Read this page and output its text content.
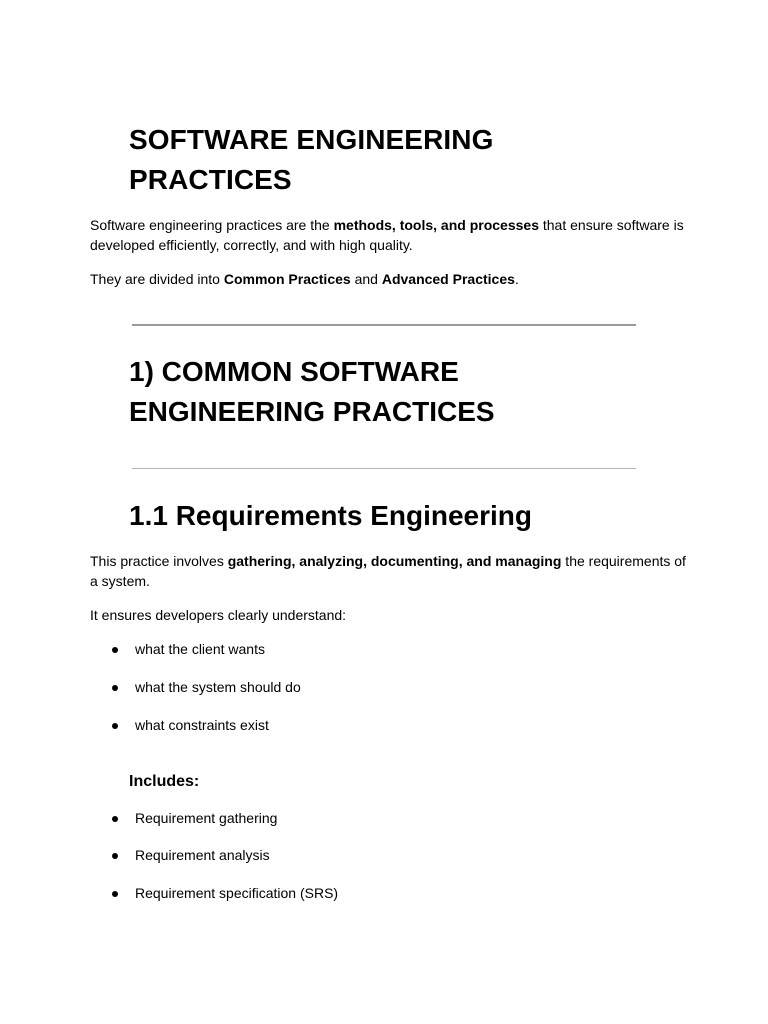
SOFTWARE ENGINEERING
PRACTICES

Software engineering practices are the methods, tools, and processes that ensure software is developed efficiently, correctly, and with high quality.

They are divided into Common Practices and Advanced Practices.

1) COMMON SOFTWARE
ENGINEERING PRACTICES
1.1 Requirements Engineering

This practice involves gathering, analyzing, documenting, and managing the requirements of a system.

It ensures developers clearly understand:

what the client wants
what the system should do
what constraints exist
Includes:
Requirement gathering
Requirement analysis
Requirement specification (SRS)
